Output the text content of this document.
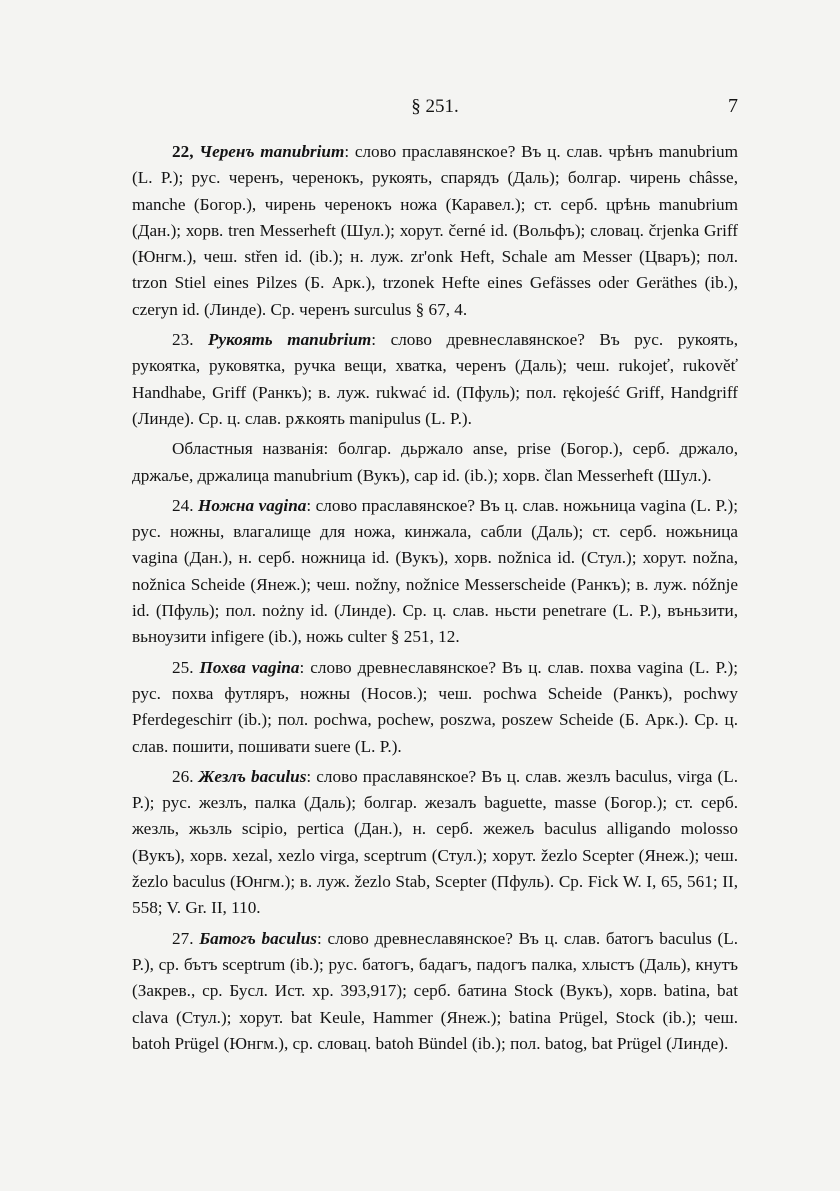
§ 251.	7

22, Черенъ manubrium: слово праславянское? Въ ц. слав. чрѣнъ manubrium (L. P.); рус. черенъ, черенокъ, рукоять, спарядъ (Даль); болгар. чирень châsse, manche (Богор.), чирень черенокъ ножа (Каравел.); ст. серб. црѣнь manubrium (Дан.); хорв. tren Messerheft (Шул.); хорут. černé id. (Вольфъ); словац. črjenka Griff (Юнгм.), чеш. střen id. (ib.); н. луж. zr'onk Heft, Schale am Messer (Цваръ); пол. trzon Stiel eines Pilzes (Б. Арк.), trzonek Hefte eines Gefässes oder Geräthes (ib.), czeryn id. (Линде). Ср. черенъ surculus § 67, 4.

23. Рукоять manubrium: слово древнеславянское? Въ рус. рукоять, рукоятка, руковятка, ручка вещи, хватка, черенъ (Даль); чеш. rukojeť, rukověť Handhabe, Griff (Ранкъ); в. луж. rukwać id. (Пфуль); пол. rękojeść Griff, Handgriff (Линде). Ср. ц. слав. рѫкоять manipulus (L. P.).

Областныя названія: болгар. дьржало anse, prise (Богор.), серб. држало, држаље, држалица manubrium (Вукъ), cap id. (ib.); хорв. član Messerheft (Шул.).

24. Ножна vagina: слово праславянское? Въ ц. слав. ножьница vagina (L. P.); рус. ножны, влагалище для ножа, кинжала, сабли (Даль); ст. серб. ножьница vagina (Дан.), н. серб. ножница id. (Вукъ), хорв. nožnica id. (Стул.); хорут. nožna, nožnica Scheide (Янеж.); чеш. nožny, nožnice Messerscheide (Ранкъ); в. луж. nóžnje id. (Пфуль); пол. nożny id. (Линде). Ср. ц. слав. ньсти penetrare (L. P.), въньзити, вьноузити infigere (ib.), ножь culter § 251, 12.

25. Похва vagina: слово древнеславянское? Въ ц. слав. похва vagina (L. P.); рус. похва футляръ, ножны (Носов.); чеш. pochwa Scheide (Ранкъ), pochwy Pferdegeschirr (ib.); пол. pochwa, pochew, poszwa, poszew Scheide (Б. Арк.). Ср. ц. слав. пошити, пошивати suere (L. P.).

26. Жезлъ baculus: слово праславянское? Въ ц. слав. жезлъ baculus, virga (L. P.); рус. жезлъ, палка (Даль); болгар. жезалъ baguette, masse (Богор.); ст. серб. жезль, жьзль scipio, pertica (Дан.), н. серб. жежељ baculus alligando molosso (Вукъ), хорв. xezal, xezlo virga, sceptrum (Стул.); хорут. žezlo Scepter (Янеж.); чеш. žezlo baculus (Юнгм.); в. луж. žezlo Stab, Scepter (Пфуль). Ср. Fick W. I, 65, 561; II, 558; V. Gr. II, 110.

27. Батогъ baculus: слово древнеславянское? Въ ц. слав. батогъ baculus (L. P.), ср. бътъ sceptrum (ib.); рус. батогъ, бадагъ, падогъ палка, хлыстъ (Даль), кнутъ (Закрев., ср. Бусл. Ист. хр. 393,917); серб. батина Stock (Вукъ), хорв. batina, bat clava (Стул.); хорут. bat Keule, Hammer (Янеж.); batina Prügel, Stock (ib.); чеш. batoh Prügel (Юнгм.), ср. словац. batoh Bündel (ib.); пол. batog, bat Prügel (Линде).
